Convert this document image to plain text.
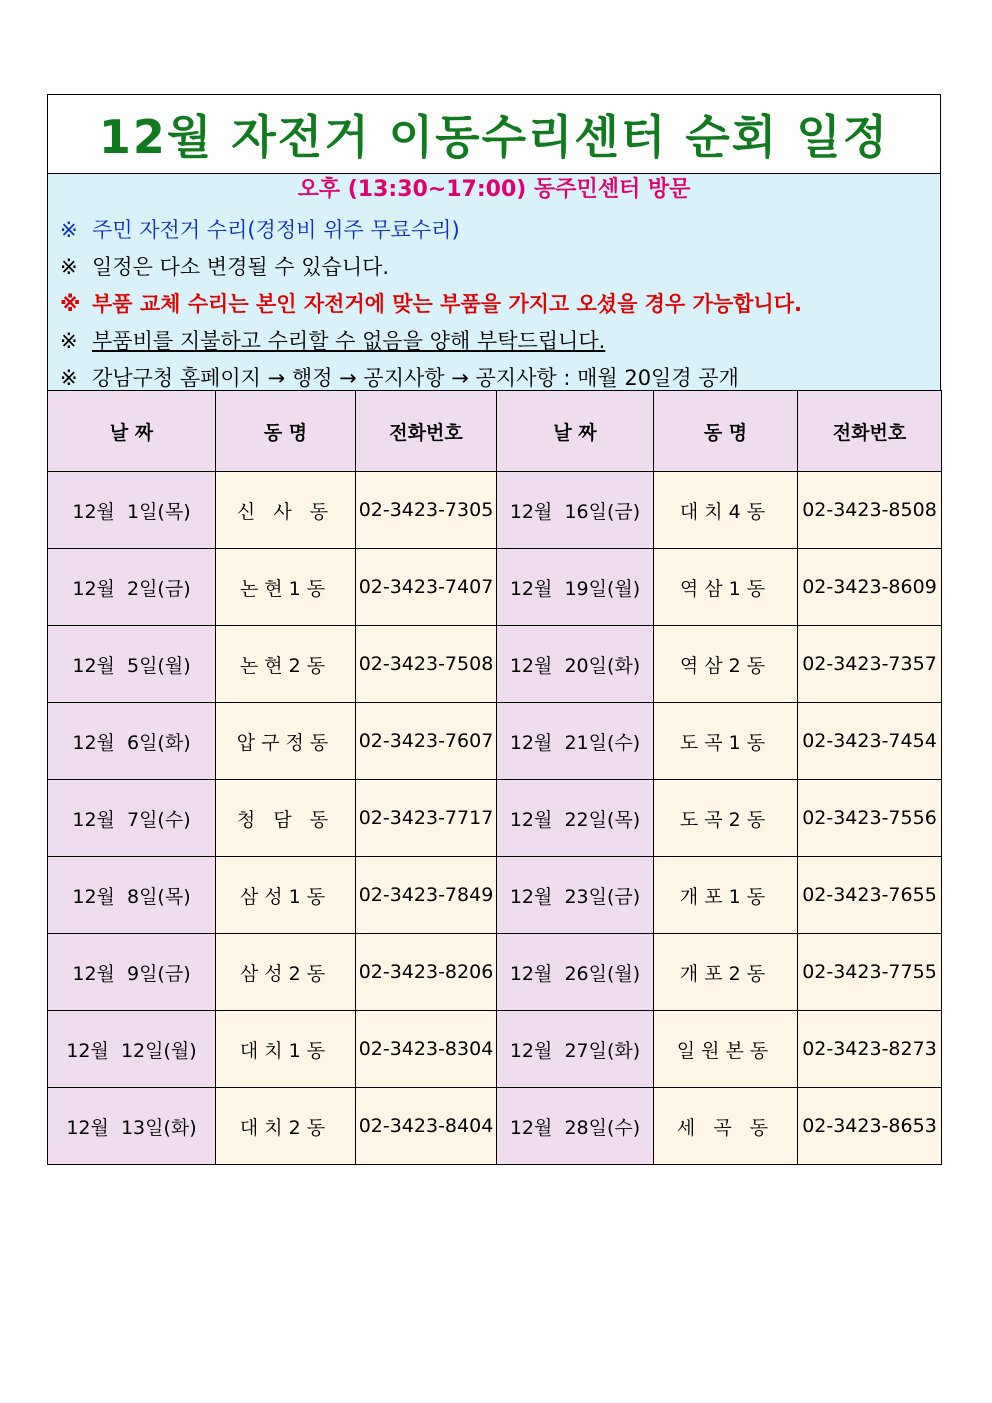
12월 자전거 이동수리센터 순회 일정
오후 (13:30~17:00) 동주민센터 방문
※ 주민 자전거 수리(경정비 위주 무료수리)
※ 일정은 다소 변경될 수 있습니다.
※ 부품 교체 수리는 본인 자전거에 맞는 부품을 가지고 오셨을 경우 가능합니다.
※ 부품비를 지불하고 수리할 수 없음을 양해 부탁드립니다.
※ 강남구청 홈페이지 → 행정 → 공지사항 → 공지사항 : 매월 20일경 공개
날 짜	동 명	전화번호	날 짜	동 명	전화번호
12월  1일(목)	신 사 동	02-3423-7305	12월  16일(금)	대치4동	02-3423-8508
12월  2일(금)	논현1동	02-3423-7407	12월  19일(월)	역삼1동	02-3423-8609
12월  5일(월)	논현2동	02-3423-7508	12월  20일(화)	역삼2동	02-3423-7357
12월  6일(화)	압구정동	02-3423-7607	12월  21일(수)	도곡1동	02-3423-7454
12월  7일(수)	청 담 동	02-3423-7717	12월  22일(목)	도곡2동	02-3423-7556
12월  8일(목)	삼성1동	02-3423-7849	12월  23일(금)	개포1동	02-3423-7655
12월  9일(금)	삼성2동	02-3423-8206	12월  26일(월)	개포2동	02-3423-7755
12월  12일(월)	대치1동	02-3423-8304	12월  27일(화)	일원본동	02-3423-8273
12월  13일(화)	대치2동	02-3423-8404	12월  28일(수)	세 곡 동	02-3423-8653
